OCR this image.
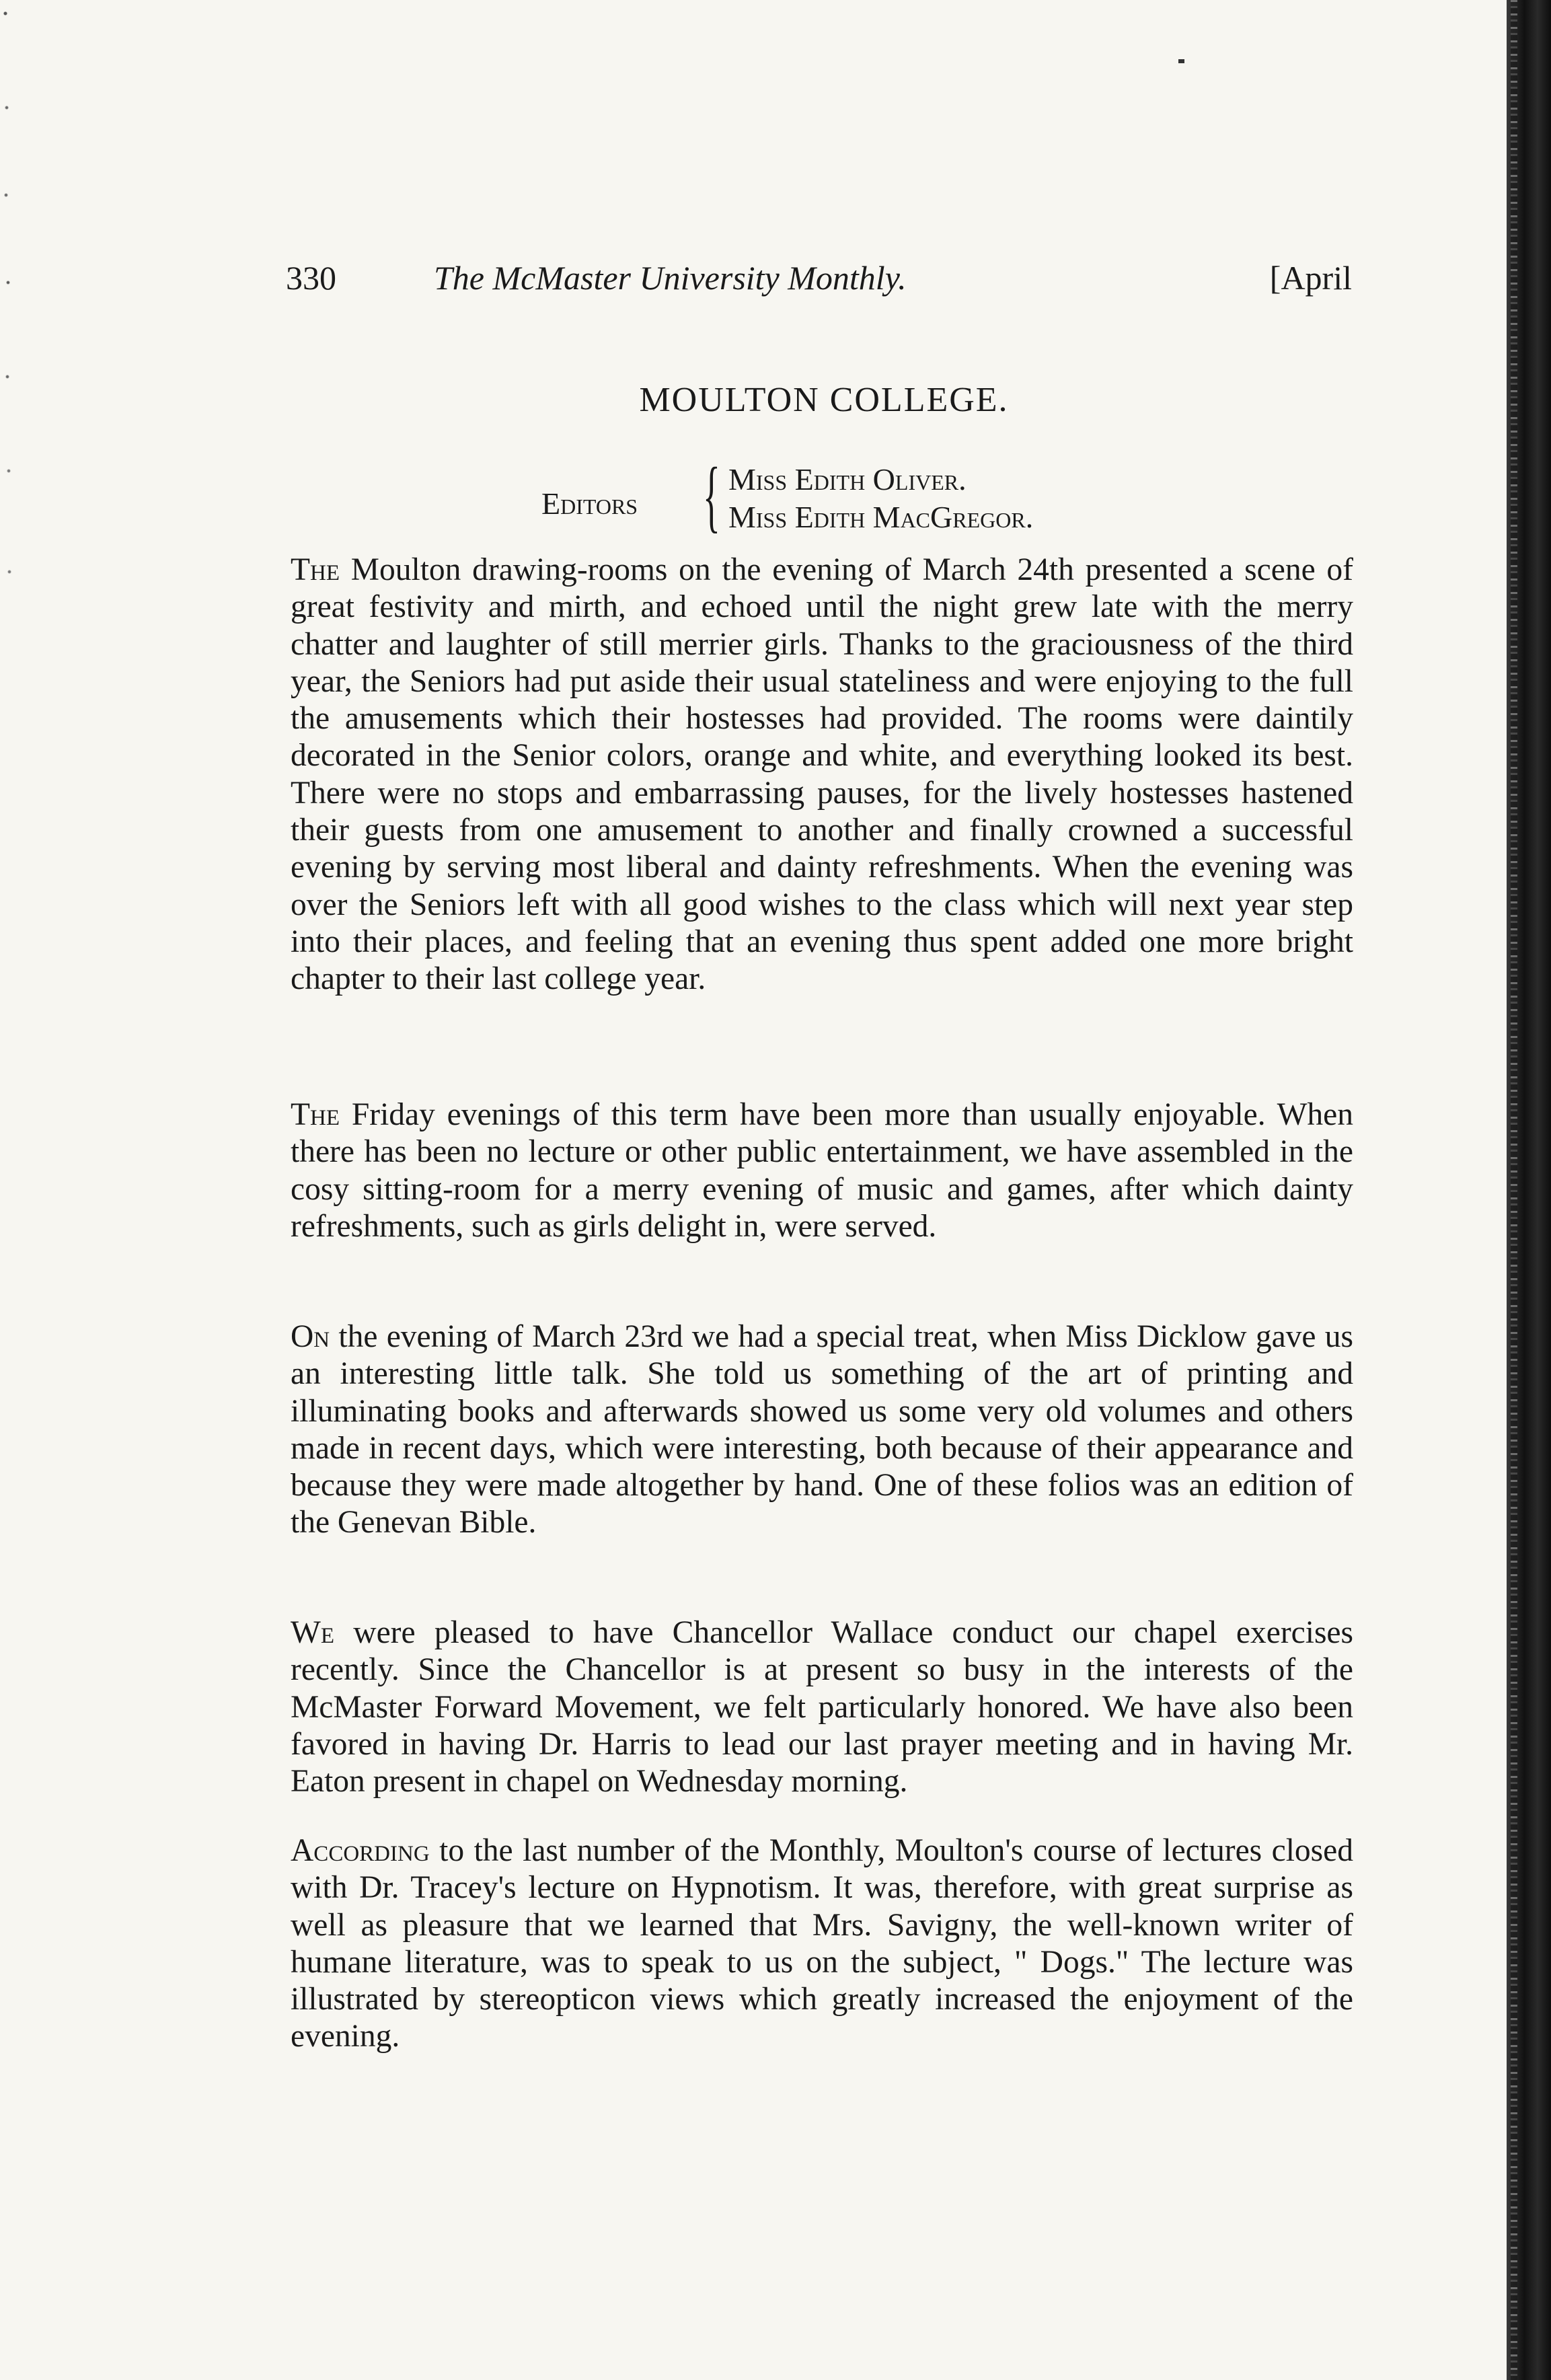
330	The McMaster University Monthly.	[April
MOULTON COLLEGE.
Editors { Miss Edith Oliver.
Miss Edith MacGregor.
The Moulton drawing-rooms on the evening of March 24th presented a scene of great festivity and mirth, and echoed until the night grew late with the merry chatter and laughter of still merrier girls. Thanks to the graciousness of the third year, the Seniors had put aside their usual stateliness and were enjoying to the full the amusements which their hostesses had provided. The rooms were daintily decorated in the Senior colors, orange and white, and everything looked its best. There were no stops and embarrassing pauses, for the lively hostesses hastened their guests from one amusement to another and finally crowned a successful evening by serving most liberal and dainty refreshments. When the evening was over the Seniors left with all good wishes to the class which will next year step into their places, and feeling that an evening thus spent added one more bright chapter to their last college year.
The Friday evenings of this term have been more than usually enjoyable. When there has been no lecture or other public entertainment, we have assembled in the cosy sitting-room for a merry evening of music and games, after which dainty refreshments, such as girls delight in, were served.
On the evening of March 23rd we had a special treat, when Miss Dicklow gave us an interesting little talk. She told us something of the art of printing and illuminating books and afterwards showed us some very old volumes and others made in recent days, which were interesting, both because of their appearance and because they were made altogether by hand. One of these folios was an edition of the Genevan Bible.
We were pleased to have Chancellor Wallace conduct our chapel exercises recently. Since the Chancellor is at present so busy in the interests of the McMaster Forward Movement, we felt particularly honored. We have also been favored in having Dr. Harris to lead our last prayer meeting and in having Mr. Eaton present in chapel on Wednesday morning.
According to the last number of the Monthly, Moulton's course of lectures closed with Dr. Tracey's lecture on Hypnotism. It was, therefore, with great surprise as well as pleasure that we learned that Mrs. Savigny, the well-known writer of humane literature, was to speak to us on the subject, " Dogs." The lecture was illustrated by stereopticon views which greatly increased the enjoyment of the evening.
